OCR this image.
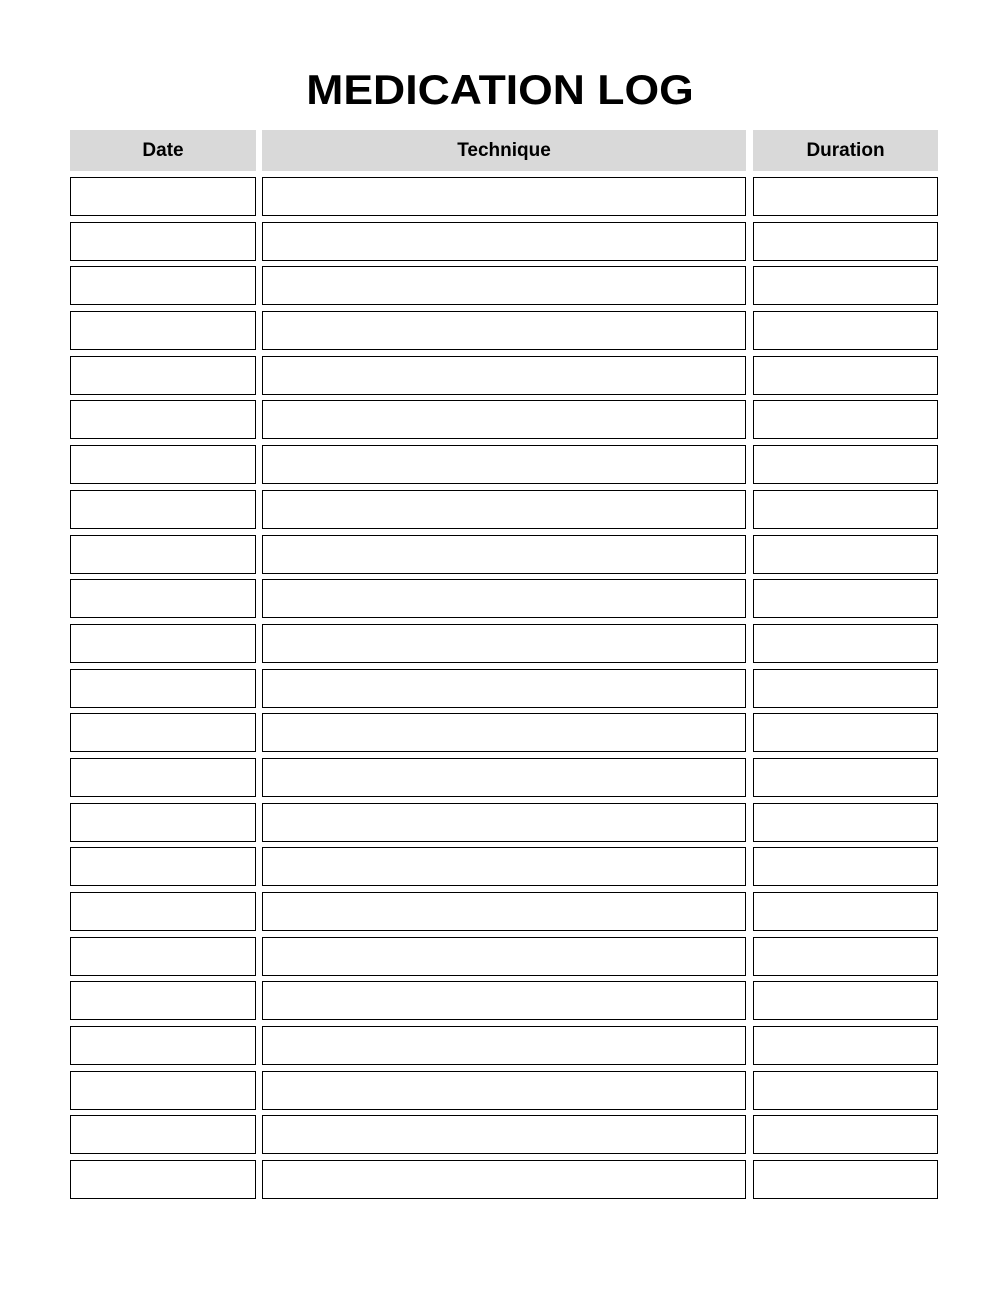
MEDICATION LOG
Date	Technique	Duration
